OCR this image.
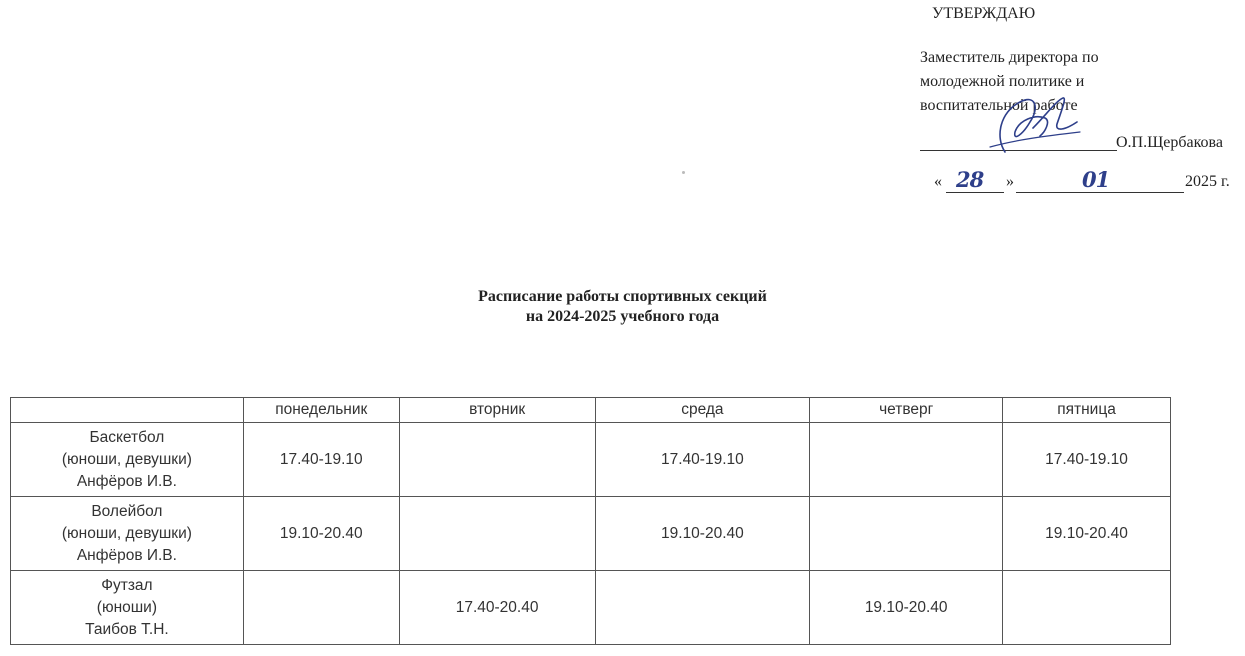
УТВЕРЖДАЮ
Заместитель директора по
молодежной политике и
воспитательной работе
О.П.Щербакова
« 28 »	01	2025 г.
Расписание работы спортивных секций
на 2024-2025 учебного года
	понедельник	вторник	среда	четверг	пятница

Баскетбол
(юноши, девушки)
Анфёров И.В.	17.40-19.10		17.40-19.10		17.40-19.10

Волейбол
(юноши, девушки)
Анфёров И.В.	19.10-20.40		19.10-20.40		19.10-20.40

Футзал
(юноши)
Таибов Т.Н.		17.40-20.40		19.10-20.40	
